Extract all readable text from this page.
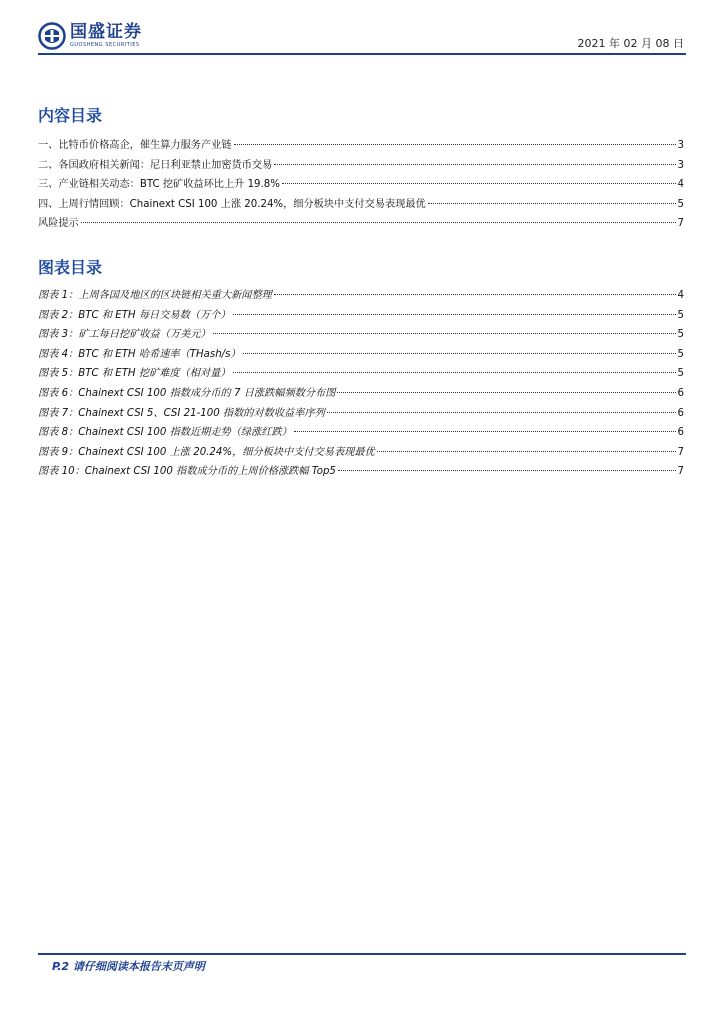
国盛证券
GUOSHENG SECURITIES	2021 年 02 月 08 日
内容目录
一、比特币价格高企，催生算力服务产业链	3
二、各国政府相关新闻：尼日利亚禁止加密货币交易	3
三、产业链相关动态：BTC 挖矿收益环比上升 19.8%	4
四、上周行情回顾：Chainext CSI 100 上涨 20.24%，细分板块中支付交易表现最优	5
风险提示	7
图表目录
图表 1：上周各国及地区的区块链相关重大新闻整理	4
图表 2：BTC 和 ETH 每日交易数（万个）	5
图表 3：矿工每日挖矿收益（万美元）	5
图表 4：BTC 和 ETH 哈希速率（THash/s）	5
图表 5：BTC 和 ETH 挖矿难度（相对量）	5
图表 6：Chainext CSI 100 指数成分币的 7 日涨跌幅频数分布图	6
图表 7：Chainext CSI 5、CSI 21-100 指数的对数收益率序列	6
图表 8：Chainext CSI 100 指数近期走势（绿涨红跌）	6
图表 9：Chainext CSI 100 上涨 20.24%，细分板块中支付交易表现最优	7
图表 10：Chainext CSI 100 指数成分币的上周价格涨跌幅 Top5	7
P.2 请仔细阅读本报告末页声明
